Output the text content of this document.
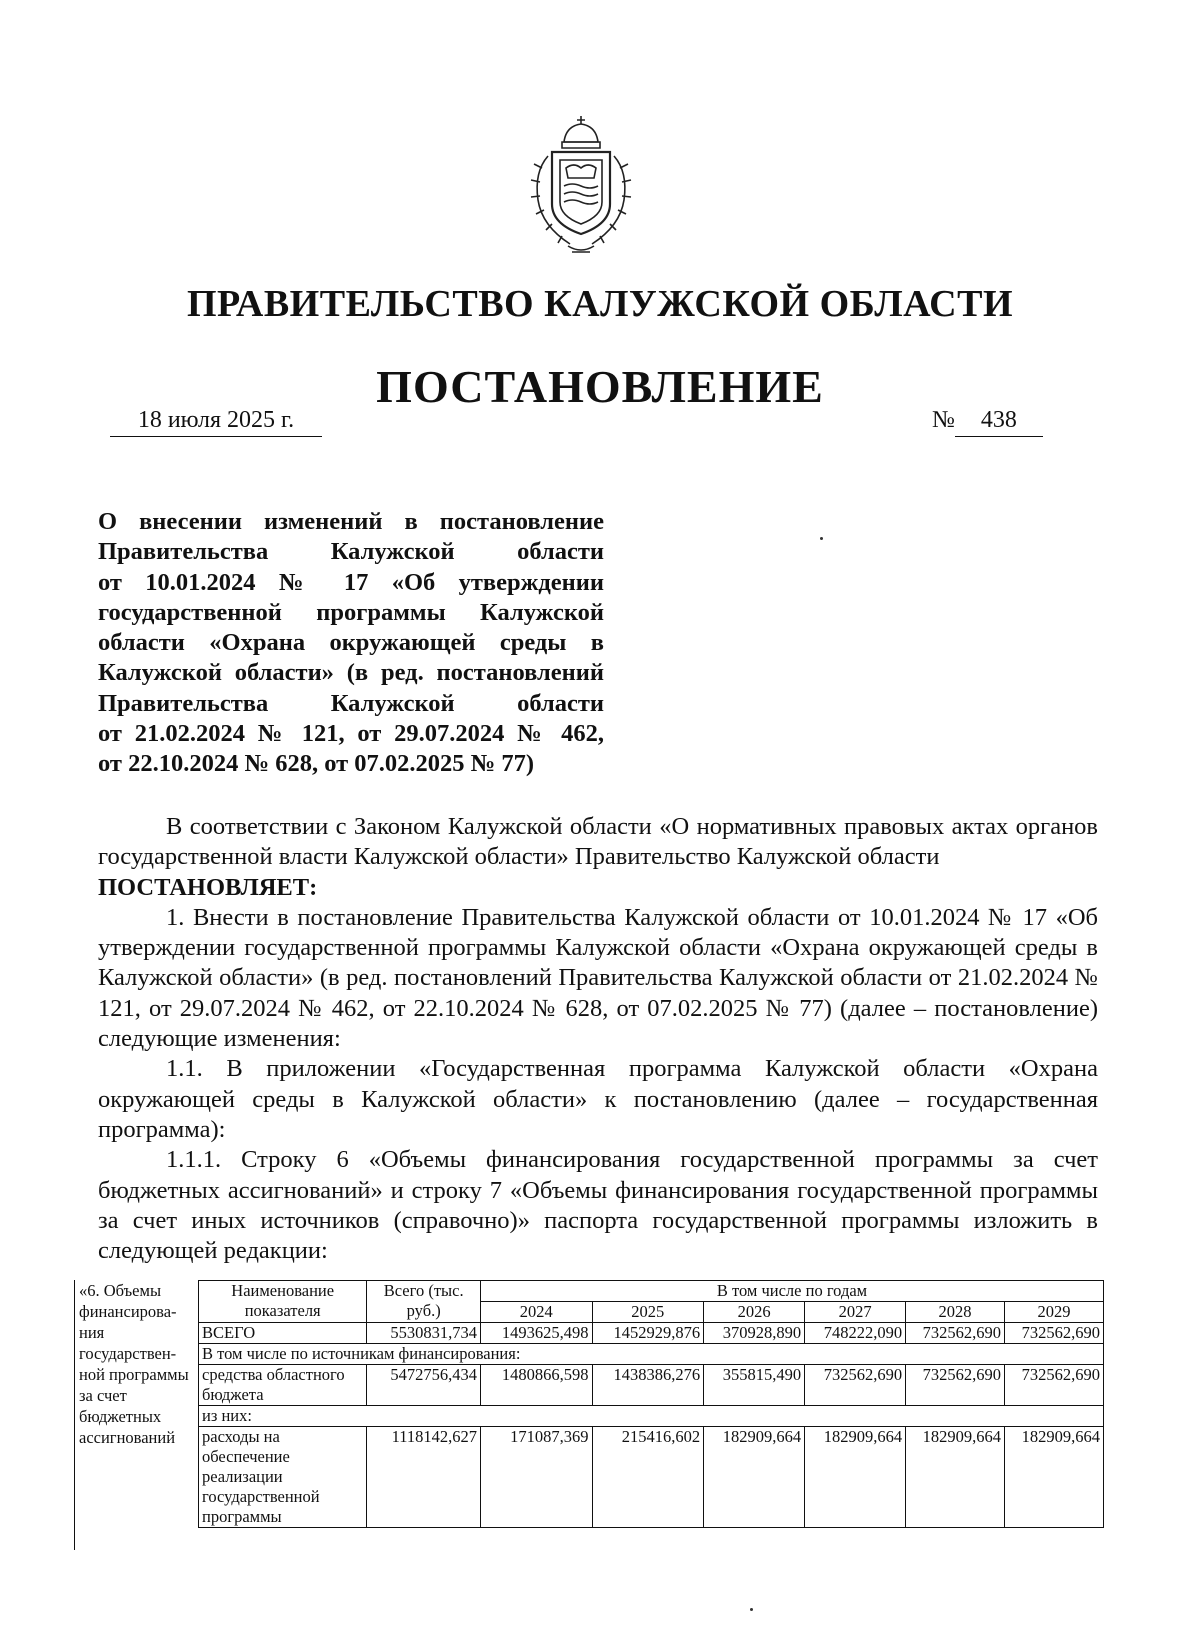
ПРАВИТЕЛЬСТВО КАЛУЖСКОЙ ОБЛАСТИ
ПОСТАНОВЛЕНИЕ
18 июля 2025 г.	№ 438
О внесении изменений в постановление
Правительства Калужской области
от 10.01.2024 № 17 «Об утверждении
государственной программы Калужской
области «Охрана окружающей среды в
Калужской области» (в ред. постановлений
Правительства Калужской области
от 21.02.2024 № 121, от 29.07.2024 № 462,
от 22.10.2024 № 628, от 07.02.2025 № 77)

В соответствии с Законом Калужской области «О нормативных правовых актах органов государственной власти Калужской области» Правительство Калужской области

ПОСТАНОВЛЯЕТ:

1. Внести в постановление Правительства Калужской области от 10.01.2024 № 17 «Об утверждении государственной программы Калужской области «Охрана окружающей среды в Калужской области» (в ред. постановлений Правительства Калужской области от 21.02.2024 № 121, от 29.07.2024 № 462, от 22.10.2024 № 628, от 07.02.2025 № 77) (далее – постановление) следующие изменения:

1.1. В приложении «Государственная программа Калужской области «Охрана окружающей среды в Калужской области» к постановлению (далее – государственная программа):

1.1.1. Строку 6 «Объемы финансирования государственной программы за счет бюджетных ассигнований» и строку 7 «Объемы финансирования государственной программы за счет иных источников (справочно)» паспорта государственной программы изложить в следующей редакции:

«6. Объемы финансирова-ния государствен-ной программы за счет бюджетных ассигнований
Наименование показателя	Всего (тыс. руб.)	В том числе по годам					
		2024	2025	2026	2027	2028	2029
ВСЕГО	5530831,734	1493625,498	1452929,876	370928,890	748222,090	732562,690	732562,690
В том числе по источникам финансирования:							
средства областного бюджета	5472756,434	1480866,598	1438386,276	355815,490	732562,690	732562,690	732562,690
из них:							
расходы на обеспечение реализации государственной программы	1118142,627	171087,369	215416,602	182909,664	182909,664	182909,664	182909,664
